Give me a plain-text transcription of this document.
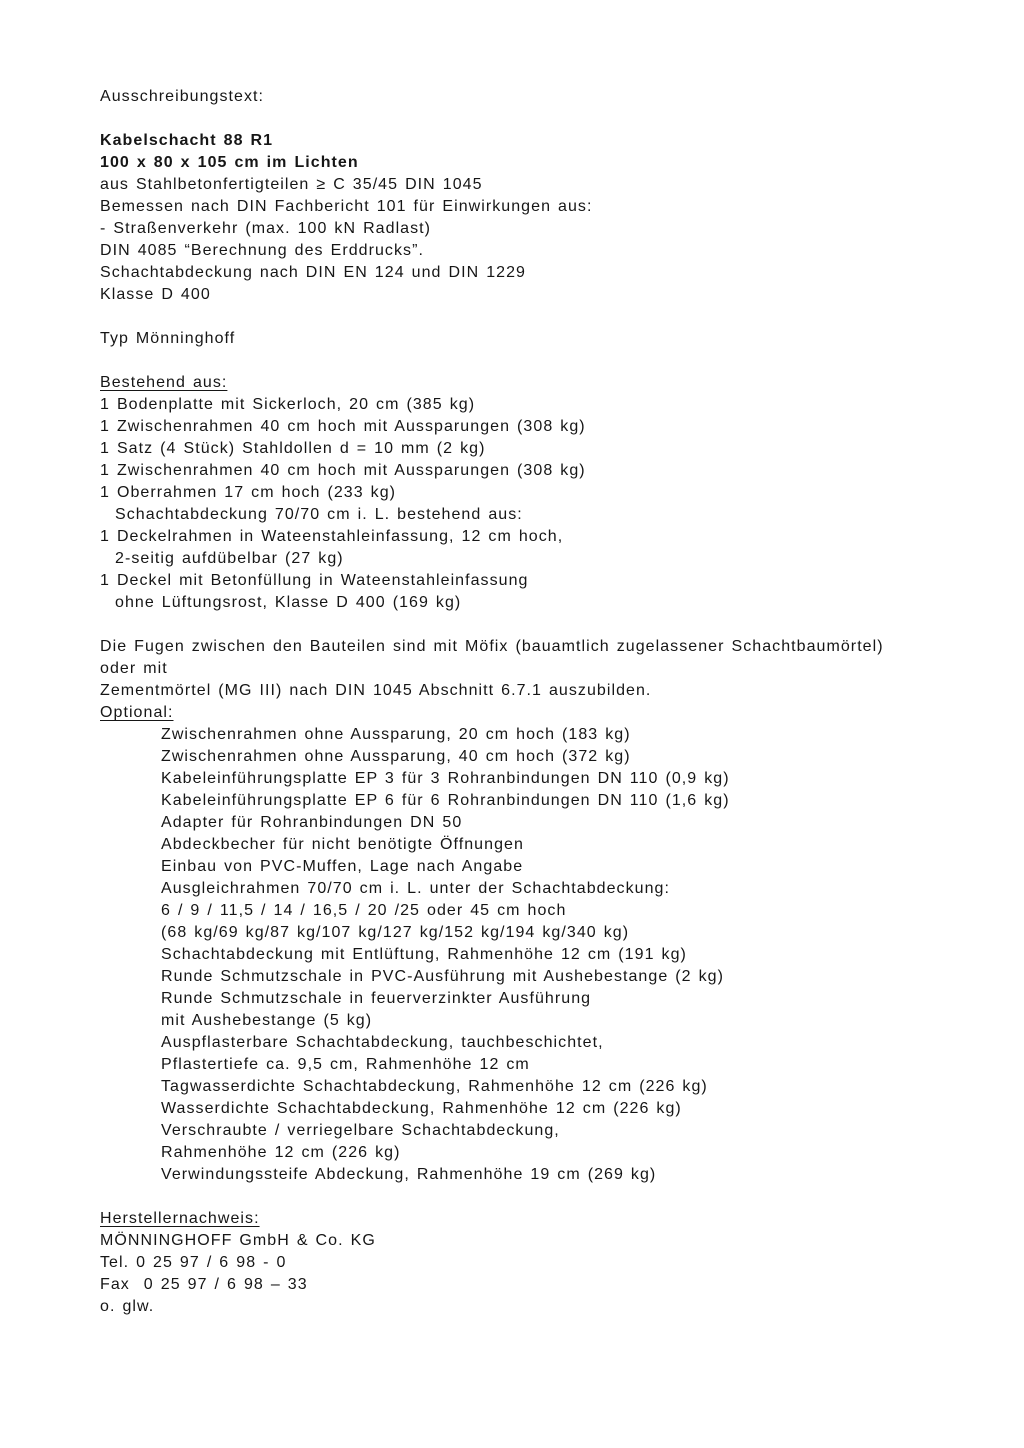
Ausschreibungstext:
Kabelschacht 88 R1
100 x 80 x 105 cm im Lichten
aus Stahlbetonfertigteilen ≥ C 35/45 DIN 1045
Bemessen nach DIN Fachbericht 101 für Einwirkungen aus:
- Straßenverkehr (max. 100 kN Radlast)
DIN 4085 “Berechnung des Erddrucks”.
Schachtabdeckung nach DIN EN 124 und DIN 1229
Klasse D 400
Typ Mönninghoff
Bestehend aus:
1 Bodenplatte mit Sickerloch, 20 cm (385 kg)
1 Zwischenrahmen 40 cm hoch mit Aussparungen (308 kg)
1 Satz (4 Stück) Stahldollen d = 10 mm (2 kg)
1 Zwischenrahmen 40 cm hoch mit Aussparungen (308 kg)
1 Oberrahmen 17 cm hoch (233 kg)
Schachtabdeckung 70/70 cm i. L. bestehend aus:
1 Deckelrahmen in Wateenstahleinfassung, 12 cm hoch,
2-seitig aufdübelbar (27 kg)
1 Deckel mit Betonfüllung in Wateenstahleinfassung
ohne Lüftungsrost, Klasse D 400 (169 kg)
Die Fugen zwischen den Bauteilen sind mit Möfix (bauamtlich zugelassener Schachtbaumörtel)
oder mit
Zementmörtel (MG III) nach DIN 1045 Abschnitt 6.7.1 auszubilden.
Optional:
Zwischenrahmen ohne Aussparung, 20 cm hoch (183 kg)
Zwischenrahmen ohne Aussparung, 40 cm hoch (372 kg)
Kabeleinführungsplatte EP 3 für 3 Rohranbindungen DN 110 (0,9 kg)
Kabeleinführungsplatte EP 6 für 6 Rohranbindungen DN 110 (1,6 kg)
Adapter für Rohranbindungen DN 50
Abdeckbecher für nicht benötigte Öffnungen
Einbau von PVC-Muffen, Lage nach Angabe
Ausgleichrahmen 70/70 cm i. L. unter der Schachtabdeckung:
6 / 9 / 11,5 / 14 / 16,5 / 20 /25 oder 45 cm hoch
(68 kg/69 kg/87 kg/107 kg/127 kg/152 kg/194 kg/340 kg)
Schachtabdeckung mit Entlüftung, Rahmenhöhe 12 cm (191 kg)
Runde Schmutzschale in PVC-Ausführung mit Aushebestange (2 kg)
Runde Schmutzschale in feuerverzinkter Ausführung
mit Aushebestange (5 kg)
Auspflasterbare Schachtabdeckung, tauchbeschichtet,
Pflastertiefe ca. 9,5 cm, Rahmenhöhe 12 cm
Tagwasserdichte Schachtabdeckung, Rahmenhöhe 12 cm (226 kg)
Wasserdichte Schachtabdeckung, Rahmenhöhe 12 cm (226 kg)
Verschraubte / verriegelbare Schachtabdeckung,
Rahmenhöhe 12 cm (226 kg)
Verwindungssteife Abdeckung, Rahmenhöhe 19 cm (269 kg)
Herstellernachweis:
MÖNNINGHOFF GmbH & Co. KG
Tel. 0 25 97 / 6 98 - 0
Fax  0 25 97 / 6 98 – 33
o. glw.
